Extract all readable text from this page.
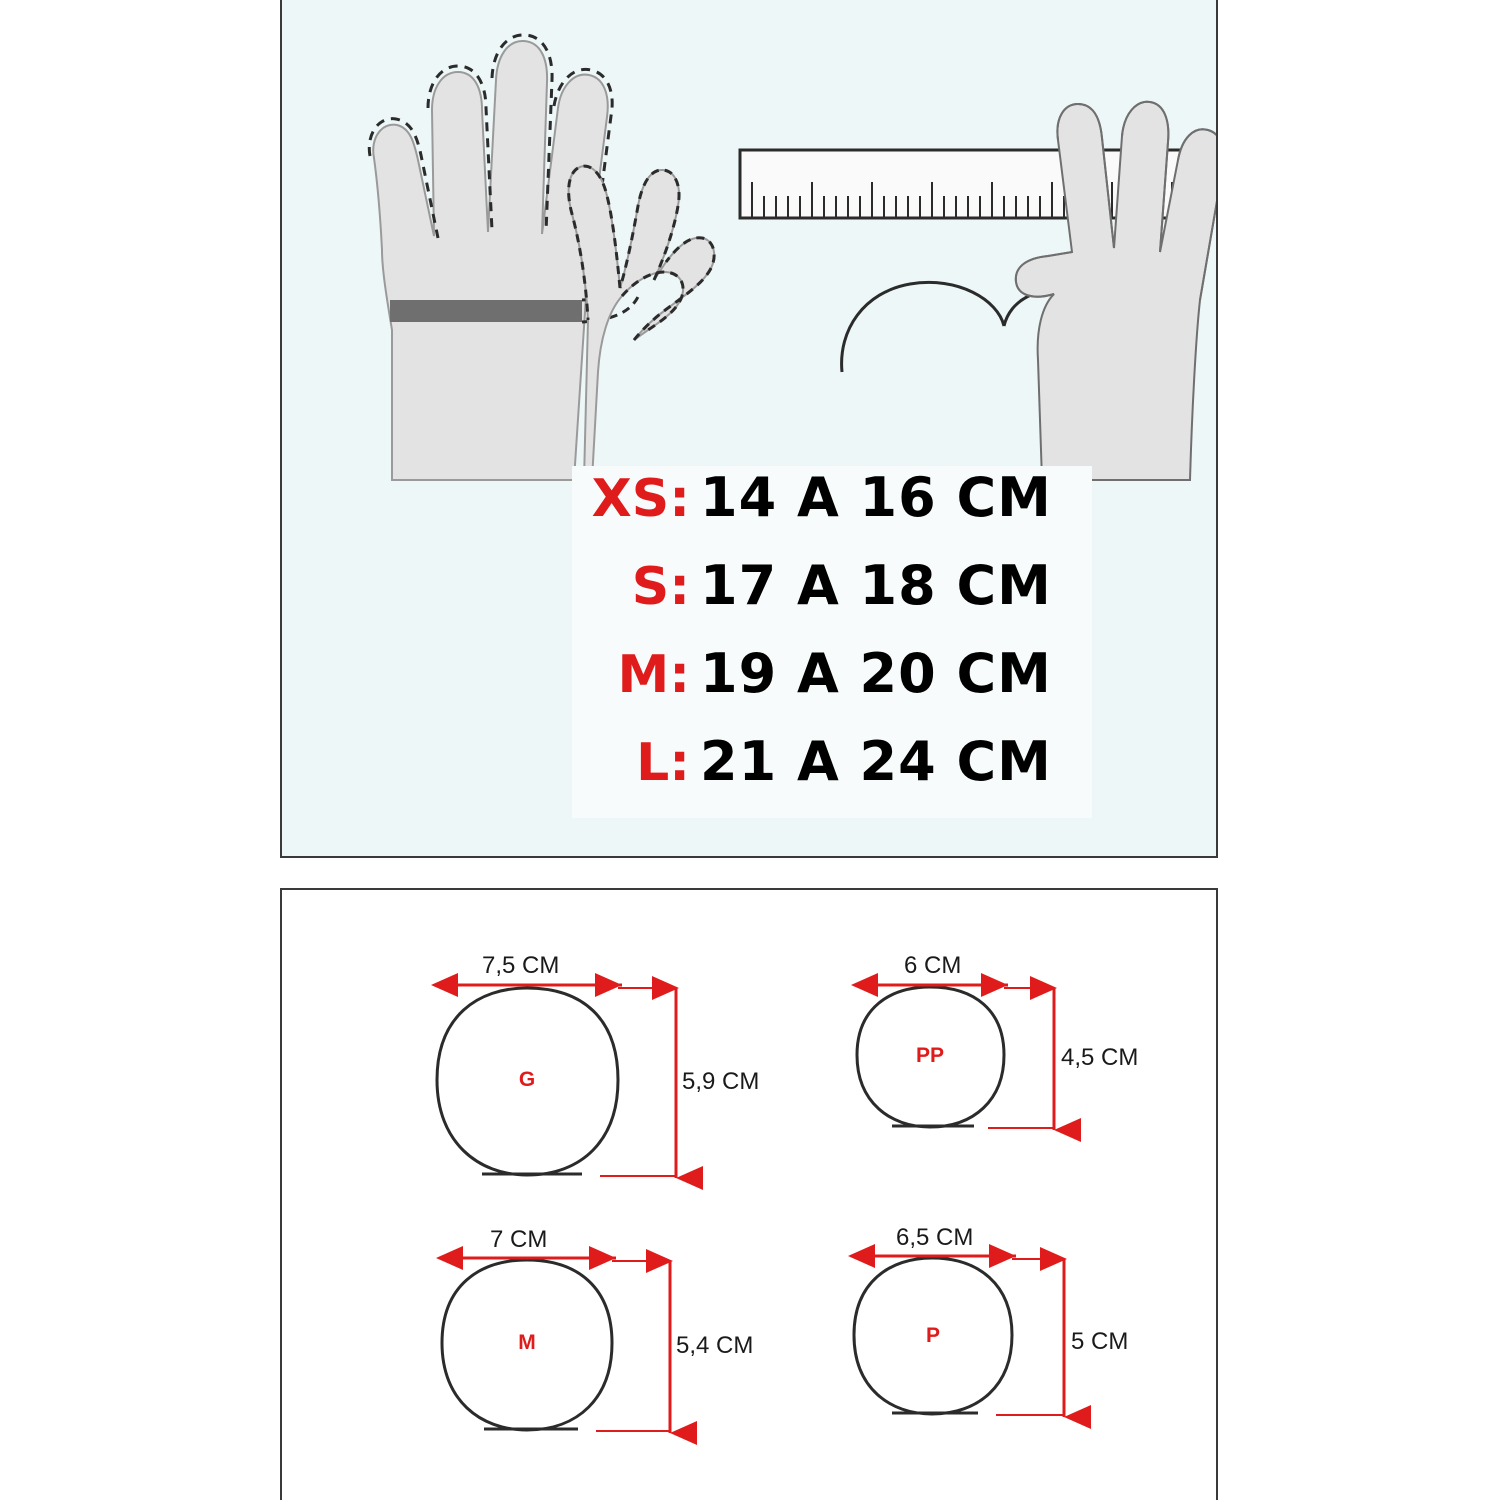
XS: 14 A 16 CM
S: 17 A 18 CM
M: 19 A 20 CM
L: 21 A 24 CM
G
7,5 CM
5,9 CM
PP
6 CM
4,5 CM
M
7 CM
5,4 CM	P
6,5 CM
5 CM
